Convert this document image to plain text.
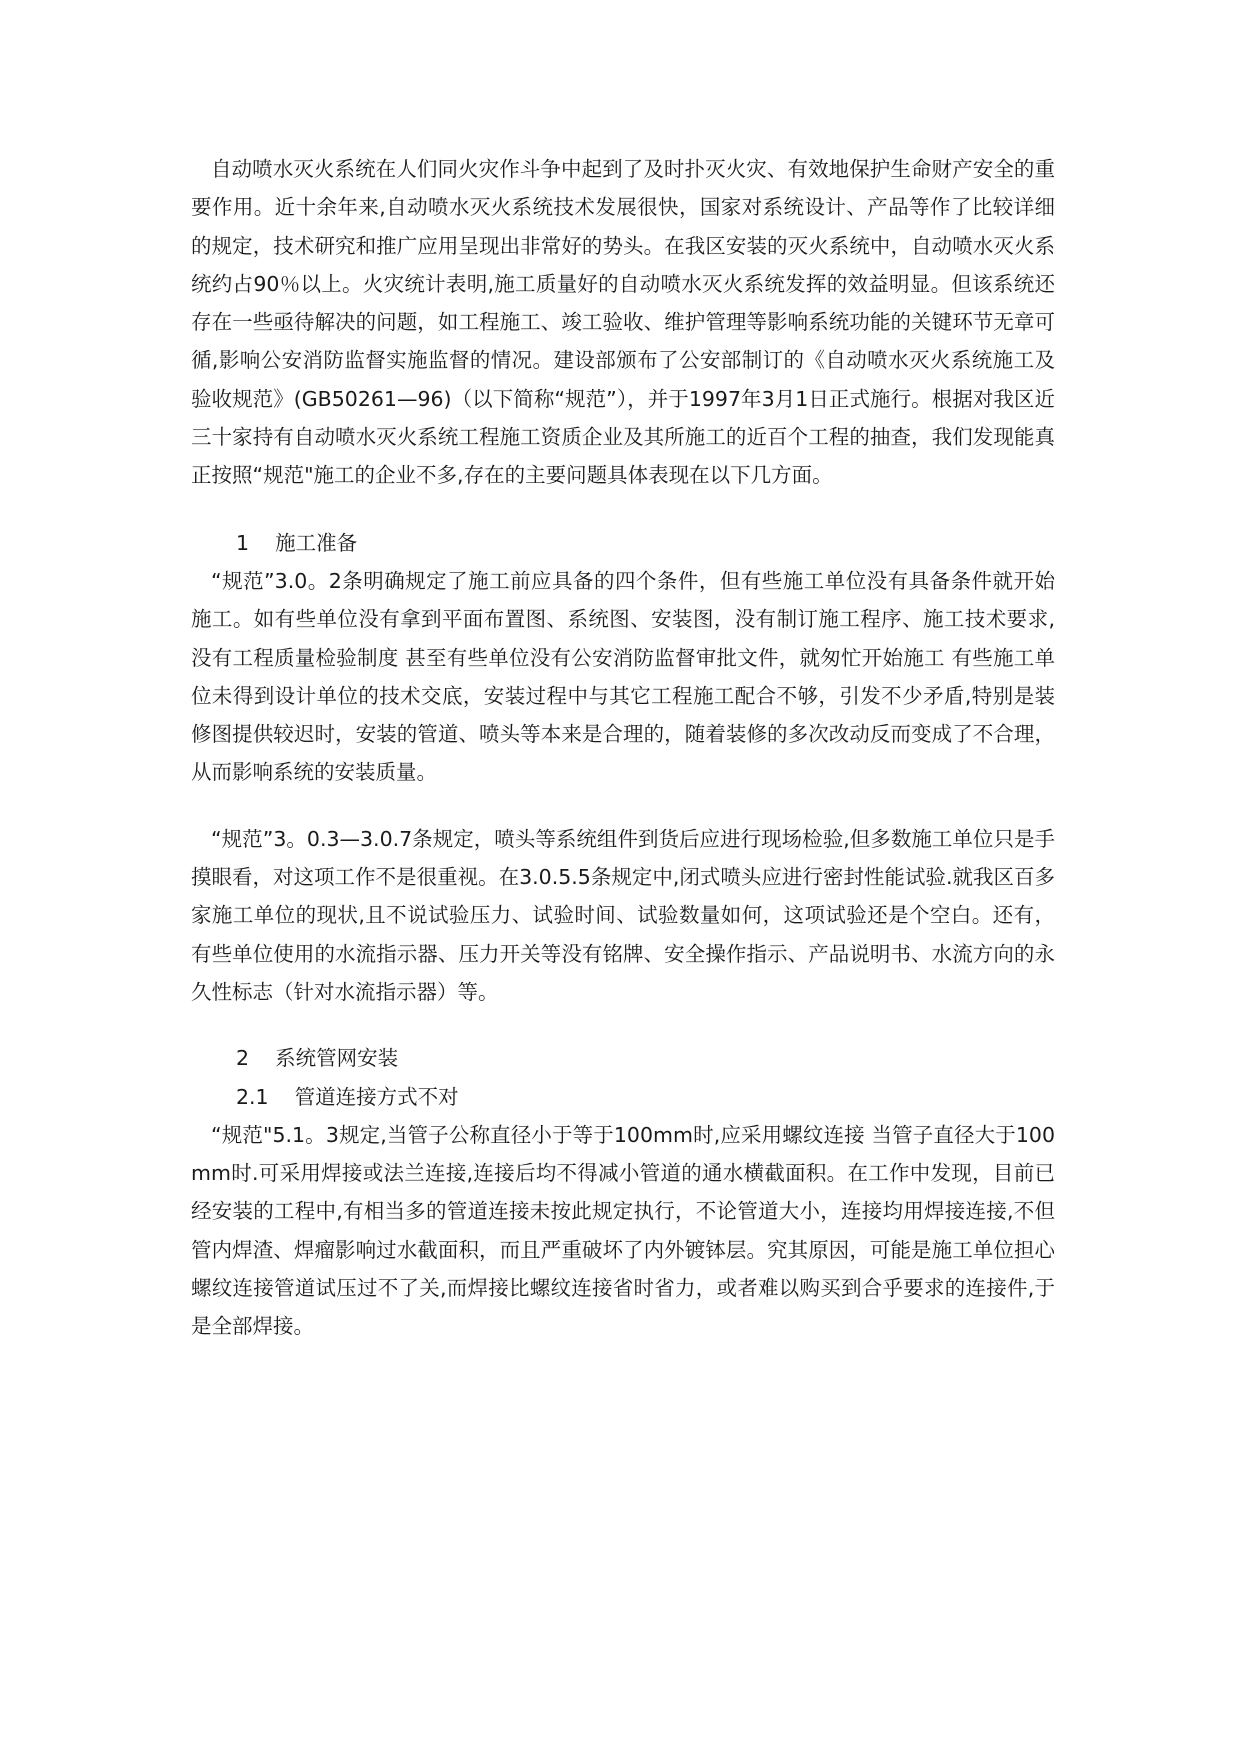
自动喷水灭火系统在人们同火灾作斗争中起到了及时扑灭火灾、有效地保护生命财产安全的重要作用。近十余年来,自动喷水灭火系统技术发展很快，国家对系统设计、产品等作了比较详细的规定，技术研究和推广应用呈现出非常好的势头。在我区安装的灭火系统中，自动喷水灭火系统约占90％以上。火灾统计表明,施工质量好的自动喷水灭火系统发挥的效益明显。但该系统还存在一些亟待解决的问题，如工程施工、竣工验收、维护管理等影响系统功能的关键环节无章可循,影响公安消防监督实施监督的情况。建设部颁布了公安部制订的《自动喷水灭火系统施工及验收规范》(GB50261—96)（以下简称“规范”），并于1997年3月1日正式施行。根据对我区近三十家持有自动喷水灭火系统工程施工资质企业及其所施工的近百个工程的抽查，我们发现能真正按照“规范"施工的企业不多,存在的主要问题具体表现在以下几方面。

1    施工准备

“规范”3.0。2条明确规定了施工前应具备的四个条件，但有些施工单位没有具备条件就开始施工。如有些单位没有拿到平面布置图、系统图、安装图，没有制订施工程序、施工技术要求,没有工程质量检验制度 甚至有些单位没有公安消防监督审批文件，就匆忙开始施工 有些施工单位未得到设计单位的技术交底，安装过程中与其它工程施工配合不够，引发不少矛盾,特别是装修图提供较迟时，安装的管道、喷头等本来是合理的，随着装修的多次改动反而变成了不合理，从而影响系统的安装质量。

“规范”3。0.3—3.0.7条规定，喷头等系统组件到货后应进行现场检验,但多数施工单位只是手摸眼看，对这项工作不是很重视。在3.0.5.5条规定中,闭式喷头应进行密封性能试验.就我区百多家施工单位的现状,且不说试验压力、试验时间、试验数量如何，这项试验还是个空白。还有，有些单位使用的水流指示器、压力开关等没有铭牌、安全操作指示、产品说明书、水流方向的永久性标志（针对水流指示器）等。

2    系统管网安装

2.1    管道连接方式不对

“规范"5.1。3规定,当管子公称直径小于等于100mm时,应采用螺纹连接 当管子直径大于100mm时.可采用焊接或法兰连接,连接后均不得减小管道的通水横截面积。在工作中发现，目前已经安装的工程中,有相当多的管道连接未按此规定执行，不论管道大小，连接均用焊接连接,不但管内焊渣、焊瘤影响过水截面积，而且严重破坏了内外镀钵层。究其原因，可能是施工单位担心螺纹连接管道试压过不了关,而焊接比螺纹连接省时省力，或者难以购买到合乎要求的连接件,于是全部焊接。
